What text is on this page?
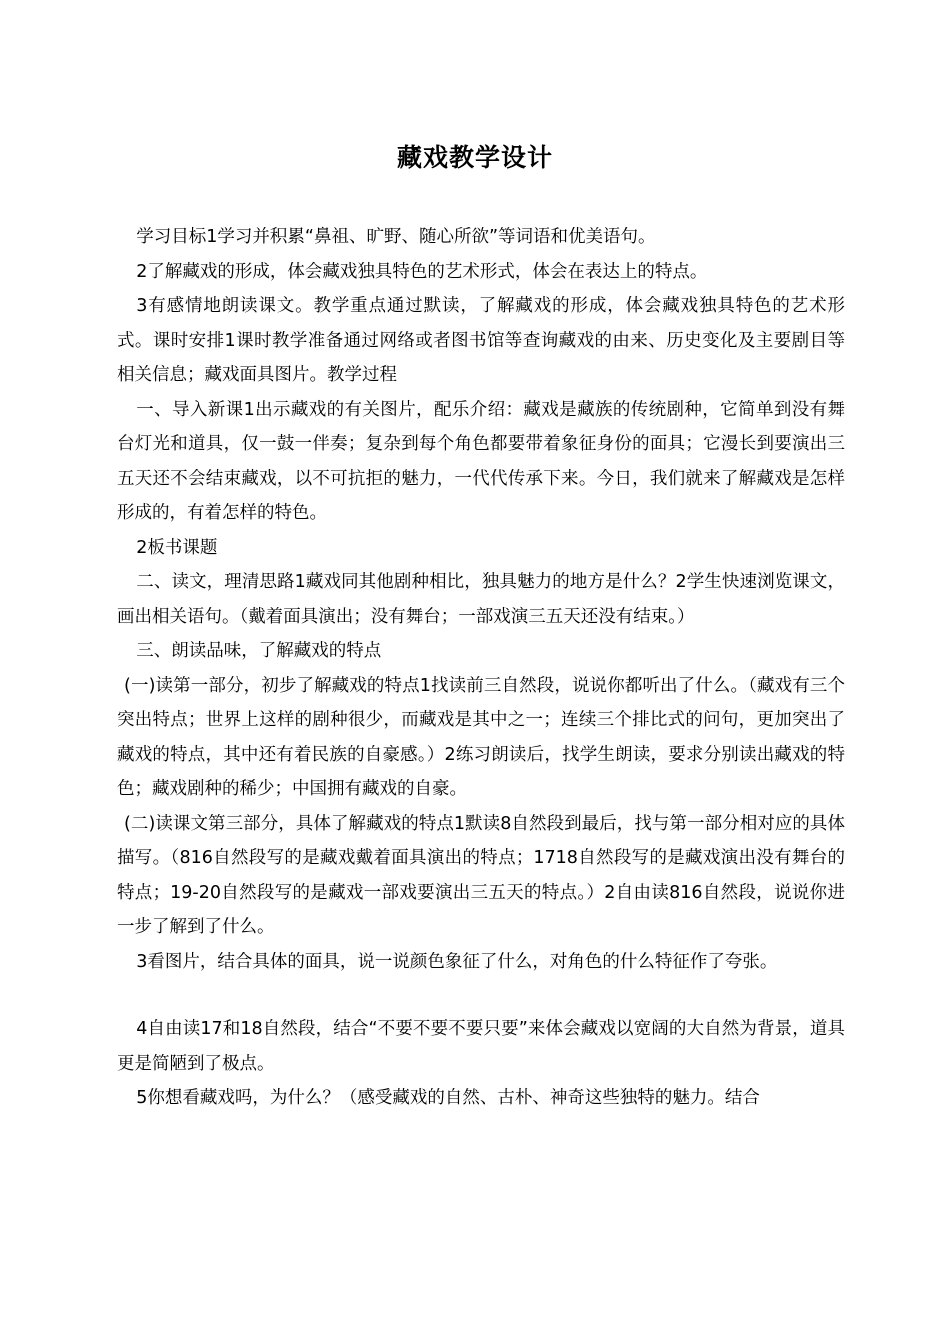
藏戏教学设计

学习目标1学习并积累“鼻祖、旷野、随心所欲”等词语和优美语句。

2了解藏戏的形成，体会藏戏独具特色的艺术形式，体会在表达上的特点。

3有感情地朗读课文。教学重点通过默读，了解藏戏的形成，体会藏戏独具特色的艺术形式。课时安排1课时教学准备通过网络或者图书馆等查询藏戏的由来、历史变化及主要剧目等相关信息；藏戏面具图片。教学过程

一、导入新课1出示藏戏的有关图片，配乐介绍：藏戏是藏族的传统剧种，它简单到没有舞台灯光和道具，仅一鼓一伴奏；复杂到每个角色都要带着象征身份的面具；它漫长到要演出三五天还不会结束藏戏，以不可抗拒的魅力，一代代传承下来。今日，我们就来了解藏戏是怎样形成的，有着怎样的特色。

2板书课题

二、读文，理清思路1藏戏同其他剧种相比，独具魅力的地方是什么？2学生快速浏览课文，画出相关语句。（戴着面具演出；没有舞台；一部戏演三五天还没有结束。）

三、朗读品味，了解藏戏的特点

(一)读第一部分，初步了解藏戏的特点1找读前三自然段，说说你都听出了什么。（藏戏有三个突出特点；世界上这样的剧种很少，而藏戏是其中之一；连续三个排比式的问句，更加突出了藏戏的特点，其中还有着民族的自豪感。）2练习朗读后，找学生朗读，要求分别读出藏戏的特色；藏戏剧种的稀少；中国拥有藏戏的自豪。

(二)读课文第三部分，具体了解藏戏的特点1默读8自然段到最后，找与第一部分相对应的具体描写。（816自然段写的是藏戏戴着面具演出的特点；1718自然段写的是藏戏演出没有舞台的特点；19-20自然段写的是藏戏一部戏要演出三五天的特点。）2自由读816自然段，说说你进一步了解到了什么。

3看图片，结合具体的面具，说一说颜色象征了什么，对角色的什么特征作了夸张。

4自由读17和18自然段，结合“不要不要不要只要”来体会藏戏以宽阔的大自然为背景，道具更是简陋到了极点。

5你想看藏戏吗，为什么？（感受藏戏的自然、古朴、神奇这些独特的魅力。结合
